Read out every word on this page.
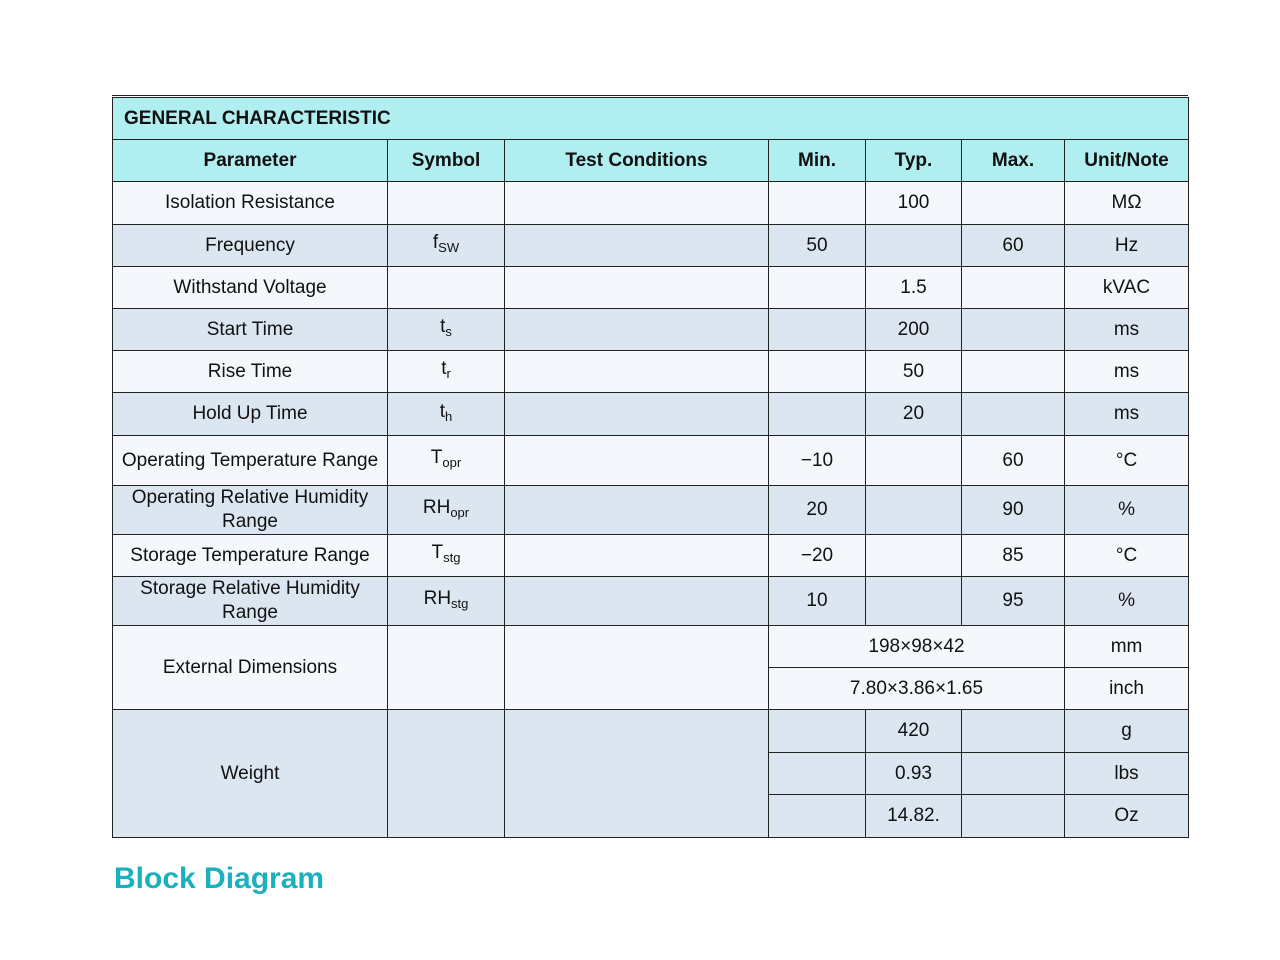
GENERAL CHARACTERISTIC						
Parameter	Symbol	Test Conditions	Min.	Typ.	Max.	Unit/Note
Isolation Resistance				100		MΩ
Frequency	$f_{SW}$		50		60	Hz
Withstand Voltage				1.5		kVAC
Start Time	$t_s$			200		ms
Rise Time	$t_r$			50		ms
Hold Up Time	$t_h$			20		ms
Operating Temperature Range	$T_{opr}$		−10		60	°C
Operating Relative Humidity Range	$RH_{opr}$		20		90	%
Storage Temperature Range	$T_{stg}$		−20		85	°C
Storage Relative Humidity Range	$RH_{stg}$		10		95	%
External Dimensions			198×98×42			mm
			7.80×3.86×1.65			inch
Weight				420		g
				0.93		lbs
				14.82.		Oz
Block Diagram
